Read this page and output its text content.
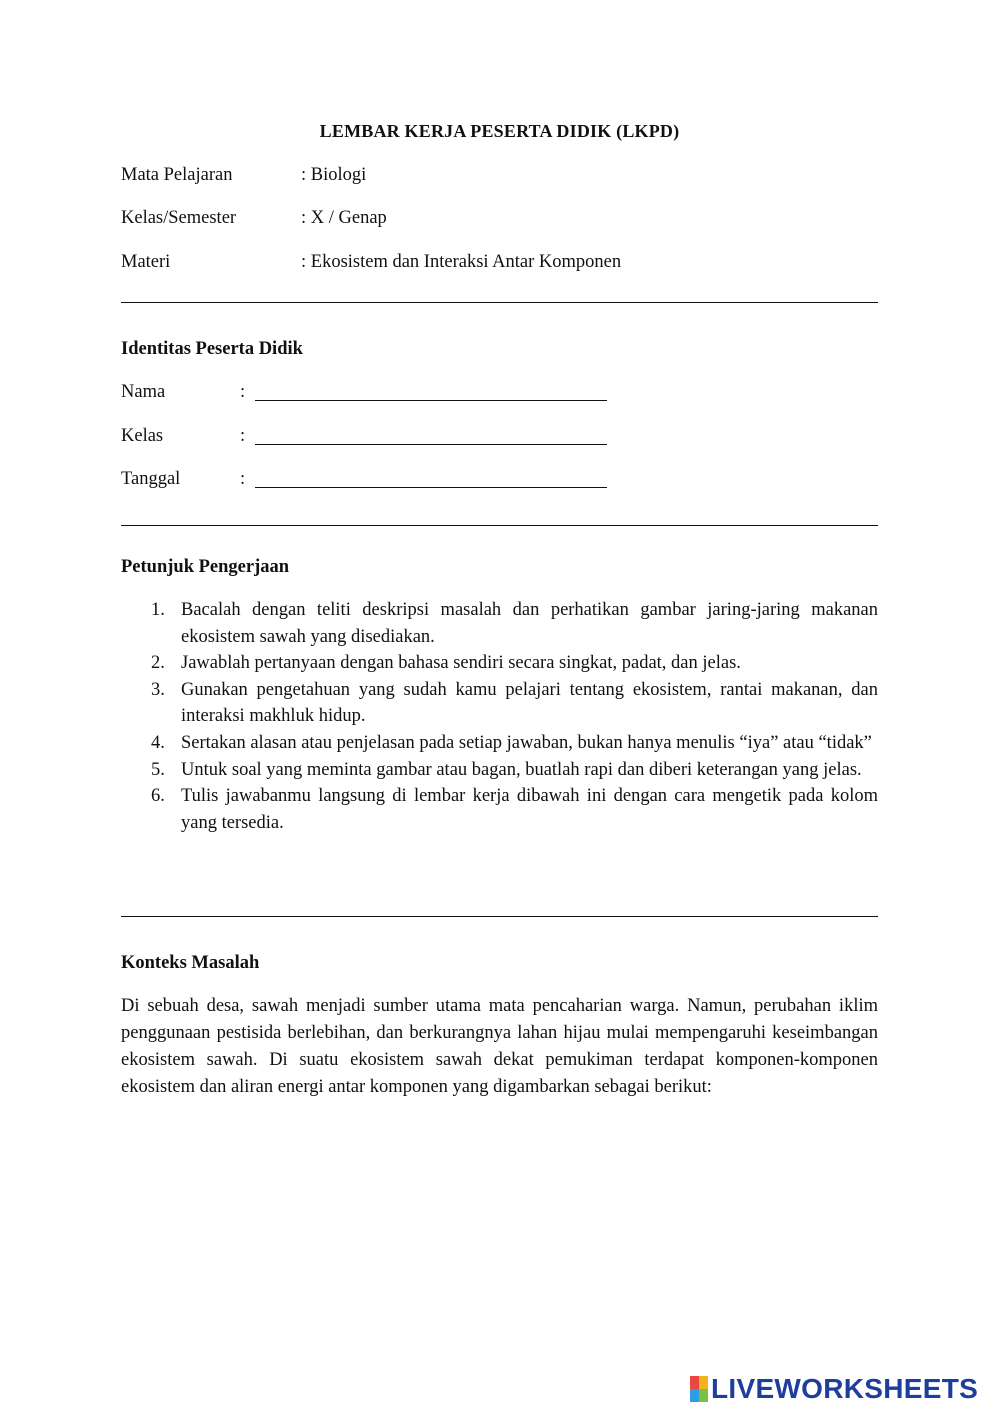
LEMBAR KERJA PESERTA DIDIK (LKPD)
Mata Pelajaran	: Biologi
Kelas/Semester	: X / Genap
Materi	: Ekosistem dan Interaksi Antar Komponen
Identitas Peserta Didik
Nama	:
Kelas	:
Tanggal	:
Petunjuk Pengerjaan
1. Bacalah dengan teliti deskripsi masalah dan perhatikan gambar jaring-jaring makanan ekosistem sawah yang disediakan.
2. Jawablah pertanyaan dengan bahasa sendiri secara singkat, padat, dan jelas.
3. Gunakan pengetahuan yang sudah kamu pelajari tentang ekosistem, rantai makanan, dan interaksi makhluk hidup.
4. Sertakan alasan atau penjelasan pada setiap jawaban, bukan hanya menulis “iya” atau “tidak”
5. Untuk soal yang meminta gambar atau bagan, buatlah rapi dan diberi keterangan yang jelas.
6. Tulis jawabanmu langsung di lembar kerja dibawah ini dengan cara mengetik pada kolom yang tersedia.
Konteks Masalah
Di sebuah desa, sawah menjadi sumber utama mata pencaharian warga. Namun, perubahan iklim penggunaan pestisida berlebihan, dan berkurangnya lahan hijau mulai mempengaruhi keseimbangan ekosistem sawah. Di suatu ekosistem sawah dekat pemukiman terdapat komponen-komponen ekosistem dan aliran energi antar komponen yang digambarkan sebagai berikut:
LIVEWORKSHEETS
